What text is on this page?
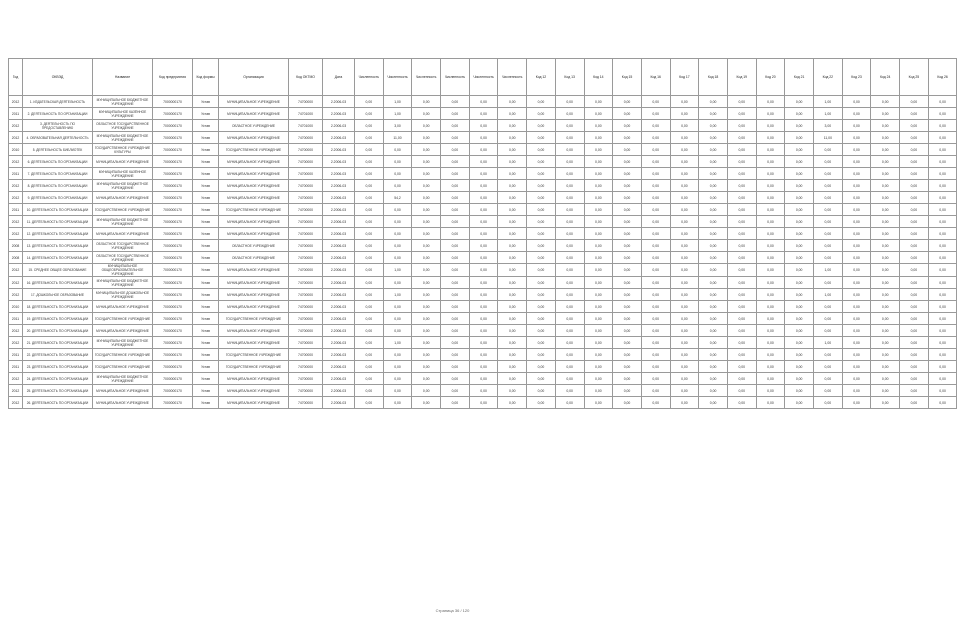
Год	ОКВЭД	Название	Код предприятия	Код формы	Организация	Код ОКТМО	Дата	Численность	Численность	Численность	Численность	Численность	Численность	Код 12	Код 13	Код 14	Код 15	Код 16	Код 17	Код 18	Код 19	Код 20	Код 21	Код 22	Код 23	Код 24	Код 25	Код 26
2012	1. ИЗДАТЕЛЬСКАЯ ДЕЯТЕЛЬНОСТЬ	МУНИЦИПАЛЬНОЕ БЮДЖЕТНОЕ УЧРЕЖДЕНИЕ	7000000170	Устав	МУНИЦИПАЛЬНОЕ УЧРЕЖДЕНИЕ	74700000	2.2006-03	0,00	1,00	0,00	0,00	0,00	0,00	0,00	0,00	0,00	0,00	0,00	0,00	0,00	0,00	0,00	0,00	1,00	0,00	0,00	0,00	0,00
2011	2. ДЕЯТЕЛЬНОСТЬ ПО ОРГАНИЗАЦИИ	МУНИЦИПАЛЬНОЕ КАЗЁННОЕ УЧРЕЖДЕНИЕ	7000000170	Устав	МУНИЦИПАЛЬНОЕ УЧРЕЖДЕНИЕ	74701000	2.2006-03	0,00	1,00	0,00	0,00	0,00	0,00	0,00	0,00	0,00	0,00	0,00	0,00	0,00	0,00	0,00	0,00	1,00	0,00	0,00	0,00	0,00
2012	3. ДЕЯТЕЛЬНОСТЬ ПО ПРЕДОСТАВЛЕНИЮ	ОБЛАСТНОЕ ГОСУДАРСТВЕННОЕ УЧРЕЖДЕНИЕ	7000000170	Устав	ОБЛАСТНОЕ УЧРЕЖДЕНИЕ	74701000	2.2006-03	0,00	3,00	0,00	0,00	0,00	0,00	0,00	0,00	0,00	0,00	0,00	0,00	0,00	0,00	0,00	0,00	3,00	0,00	0,00	0,00	0,00
2012	4. ОБРАЗОВАТЕЛЬНАЯ ДЕЯТЕЛЬНОСТЬ	МУНИЦИПАЛЬНОЕ БЮДЖЕТНОЕ УЧРЕЖДЕНИЕ	7000000170	Устав	МУНИЦИПАЛЬНОЕ УЧРЕЖДЕНИЕ	74700000	2.2006-03	0,00	11,00	0,00	0,00	0,00	0,00	0,00	0,00	0,00	0,00	0,00	0,00	0,00	0,00	0,00	0,00	11,00	0,00	0,00	0,00	0,00
2010	5. ДЕЯТЕЛЬНОСТЬ БИБЛИОТЕК	ГОСУДАРСТВЕННОЕ УЧРЕЖДЕНИЕ КУЛЬТУРЫ	7000000170	Устав	ГОСУДАРСТВЕННОЕ УЧРЕЖДЕНИЕ	74700000	2.2006-03	0,00	0,00	0,00	0,00	0,00	0,00	0,00	0,00	0,00	0,00	0,00	0,00	0,00	0,00	0,00	0,00	0,00	0,00	0,00	0,00	0,00
2012	6. ДЕЯТЕЛЬНОСТЬ ПО ОРГАНИЗАЦИИ	МУНИЦИПАЛЬНОЕ УЧРЕЖДЕНИЕ	7000000170	Устав	МУНИЦИПАЛЬНОЕ УЧРЕЖДЕНИЕ	74700000	2.2006-03	0,00	0,00	0,00	0,00	0,00	0,00	0,00	0,00	0,00	0,00	0,00	0,00	0,00	0,00	0,00	0,00	0,00	0,00	0,00	0,00	0,00
2011	7. ДЕЯТЕЛЬНОСТЬ ПО ОРГАНИЗАЦИИ	МУНИЦИПАЛЬНОЕ КАЗЁННОЕ УЧРЕЖДЕНИЕ	7000000170	Устав	МУНИЦИПАЛЬНОЕ УЧРЕЖДЕНИЕ	74700000	2.2006-03	0,00	0,00	0,00	0,00	0,00	0,00	0,00	0,00	0,00	0,00	0,00	0,00	0,00	0,00	0,00	0,00	0,00	0,00	0,00	0,00	0,00
2012	8. ДЕЯТЕЛЬНОСТЬ ПО ОРГАНИЗАЦИИ	МУНИЦИПАЛЬНОЕ БЮДЖЕТНОЕ УЧРЕЖДЕНИЕ	7000000170	Устав	МУНИЦИПАЛЬНОЕ УЧРЕЖДЕНИЕ	74700000	2.2006-03	0,00	0,00	0,00	0,00	0,00	0,00	0,00	0,00	0,00	0,00	0,00	0,00	0,00	0,00	0,00	0,00	0,00	0,00	0,00	0,00	0,00
2012	9. ДЕЯТЕЛЬНОСТЬ ПО ОРГАНИЗАЦИИ	МУНИЦИПАЛЬНОЕ УЧРЕЖДЕНИЕ	7000000170	Устав	МУНИЦИПАЛЬНОЕ УЧРЕЖДЕНИЕ	74700000	2.2006-03	0,00	54,2	0,00	0,00	0,00	0,00	0,00	0,00	0,00	0,00	0,00	0,00	0,00	0,00	0,00	0,00	0,00	0,00	0,00	0,00	0,00
2011	10. ДЕЯТЕЛЬНОСТЬ ПО ОРГАНИЗАЦИИ	ГОСУДАРСТВЕННОЕ УЧРЕЖДЕНИЕ	7000000170	Устав	ГОСУДАРСТВЕННОЕ УЧРЕЖДЕНИЕ	74700000	2.2006-03	0,00	0,00	0,00	0,00	0,00	0,00	0,00	0,00	0,00	0,00	0,00	0,00	0,00	0,00	0,00	0,00	0,00	0,00	0,00	0,00	0,00
2012	11. ДЕЯТЕЛЬНОСТЬ ПО ОРГАНИЗАЦИИ	МУНИЦИПАЛЬНОЕ БЮДЖЕТНОЕ УЧРЕЖДЕНИЕ	7000000170	Устав	МУНИЦИПАЛЬНОЕ УЧРЕЖДЕНИЕ	74700000	2.2006-03	0,00	0,00	0,00	0,00	0,00	0,00	0,00	0,00	0,00	0,00	0,00	0,00	0,00	0,00	0,00	0,00	0,00	0,00	0,00	0,00	0,00
2012	12. ДЕЯТЕЛЬНОСТЬ ПО ОРГАНИЗАЦИИ	МУНИЦИПАЛЬНОЕ УЧРЕЖДЕНИЕ	7000000170	Устав	МУНИЦИПАЛЬНОЕ УЧРЕЖДЕНИЕ	74700000	2.2006-03	0,00	0,00	0,00	0,00	0,00	0,00	0,00	0,00	0,00	0,00	0,00	0,00	0,00	0,00	0,00	0,00	0,00	0,00	0,00	0,00	0,00
2008	13. ДЕЯТЕЛЬНОСТЬ ПО ОРГАНИЗАЦИИ	ОБЛАСТНОЕ ГОСУДАРСТВЕННОЕ УЧРЕЖДЕНИЕ	7000000170	Устав	ОБЛАСТНОЕ УЧРЕЖДЕНИЕ	74700000	2.2006-03	0,00	0,00	0,00	0,00	0,00	0,00	0,00	0,00	0,00	0,00	0,00	0,00	0,00	0,00	0,00	0,00	0,00	0,00	0,00	0,00	0,00
2008	14. ДЕЯТЕЛЬНОСТЬ ПО ОРГАНИЗАЦИИ	ОБЛАСТНОЕ ГОСУДАРСТВЕННОЕ УЧРЕЖДЕНИЕ	7000000170	Устав	ОБЛАСТНОЕ УЧРЕЖДЕНИЕ	74700000	2.2006-03	0,00	0,00	0,00	0,00	0,00	0,00	0,00	0,00	0,00	0,00	0,00	0,00	0,00	0,00	0,00	0,00	0,00	0,00	0,00	0,00	0,00
2012	15. СРЕДНЕЕ ОБЩЕЕ ОБРАЗОВАНИЕ	МУНИЦИПАЛЬНОЕ ОБЩЕОБРАЗОВАТЕЛЬНОЕ УЧРЕЖДЕНИЕ	7000000170	Устав	МУНИЦИПАЛЬНОЕ УЧРЕЖДЕНИЕ	74700000	2.2006-03	0,00	1,00	0,00	0,00	0,00	0,00	0,00	0,00	0,00	0,00	0,00	0,00	0,00	0,00	0,00	0,00	1,00	0,00	0,00	0,00	0,00
2012	16. ДЕЯТЕЛЬНОСТЬ ПО ОРГАНИЗАЦИИ	МУНИЦИПАЛЬНОЕ БЮДЖЕТНОЕ УЧРЕЖДЕНИЕ	7000000170	Устав	МУНИЦИПАЛЬНОЕ УЧРЕЖДЕНИЕ	74700000	2.2006-03	0,00	0,00	0,00	0,00	0,00	0,00	0,00	0,00	0,00	0,00	0,00	0,00	0,00	0,00	0,00	0,00	0,00	0,00	0,00	0,00	0,00
2012	17. ДОШКОЛЬНОЕ ОБРАЗОВАНИЕ	МУНИЦИПАЛЬНОЕ ДОШКОЛЬНОЕ УЧРЕЖДЕНИЕ	7000000170	Устав	МУНИЦИПАЛЬНОЕ УЧРЕЖДЕНИЕ	74700000	2.2006-03	0,00	1,00	0,00	0,00	0,00	0,00	0,00	0,00	0,00	0,00	0,00	0,00	0,00	0,00	0,00	0,00	1,00	0,00	0,00	0,00	0,00
2010	18. ДЕЯТЕЛЬНОСТЬ ПО ОРГАНИЗАЦИИ	МУНИЦИПАЛЬНОЕ УЧРЕЖДЕНИЕ	7000000170	Устав	МУНИЦИПАЛЬНОЕ УЧРЕЖДЕНИЕ	74700000	2.2006-03	0,00	0,00	0,00	0,00	0,00	0,00	0,00	0,00	0,00	0,00	0,00	0,00	0,00	0,00	0,00	0,00	0,00	0,00	0,00	0,00	0,00
2011	19. ДЕЯТЕЛЬНОСТЬ ПО ОРГАНИЗАЦИИ	ГОСУДАРСТВЕННОЕ УЧРЕЖДЕНИЕ	7000000170	Устав	ГОСУДАРСТВЕННОЕ УЧРЕЖДЕНИЕ	74700000	2.2006-03	0,00	0,00	0,00	0,00	0,00	0,00	0,00	0,00	0,00	0,00	0,00	0,00	0,00	0,00	0,00	0,00	0,00	0,00	0,00	0,00	0,00
2012	20. ДЕЯТЕЛЬНОСТЬ ПО ОРГАНИЗАЦИИ	МУНИЦИПАЛЬНОЕ УЧРЕЖДЕНИЕ	7000000170	Устав	МУНИЦИПАЛЬНОЕ УЧРЕЖДЕНИЕ	74700000	2.2006-03	0,00	0,00	0,00	0,00	0,00	0,00	0,00	0,00	0,00	0,00	0,00	0,00	0,00	0,00	0,00	0,00	0,00	0,00	0,00	0,00	0,00
2012	21. ДЕЯТЕЛЬНОСТЬ ПО ОРГАНИЗАЦИИ	МУНИЦИПАЛЬНОЕ БЮДЖЕТНОЕ УЧРЕЖДЕНИЕ	7000000170	Устав	МУНИЦИПАЛЬНОЕ УЧРЕЖДЕНИЕ	74700000	2.2006-03	0,00	1,00	0,00	0,00	0,00	0,00	0,00	0,00	0,00	0,00	0,00	0,00	0,00	0,00	0,00	0,00	1,00	0,00	0,00	0,00	0,00
2011	22. ДЕЯТЕЛЬНОСТЬ ПО ОРГАНИЗАЦИИ	ГОСУДАРСТВЕННОЕ УЧРЕЖДЕНИЕ	7000000170	Устав	ГОСУДАРСТВЕННОЕ УЧРЕЖДЕНИЕ	74700000	2.2006-03	0,00	0,00	0,00	0,00	0,00	0,00	0,00	0,00	0,00	0,00	0,00	0,00	0,00	0,00	0,00	0,00	0,00	0,00	0,00	0,00	0,00
2011	23. ДЕЯТЕЛЬНОСТЬ ПО ОРГАНИЗАЦИИ	ГОСУДАРСТВЕННОЕ УЧРЕЖДЕНИЕ	7000000170	Устав	ГОСУДАРСТВЕННОЕ УЧРЕЖДЕНИЕ	74700000	2.2006-03	0,00	0,00	0,00	0,00	0,00	0,00	0,00	0,00	0,00	0,00	0,00	0,00	0,00	0,00	0,00	0,00	0,00	0,00	0,00	0,00	0,00
2012	24. ДЕЯТЕЛЬНОСТЬ ПО ОРГАНИЗАЦИИ	МУНИЦИПАЛЬНОЕ БЮДЖЕТНОЕ УЧРЕЖДЕНИЕ	7000000170	Устав	МУНИЦИПАЛЬНОЕ УЧРЕЖДЕНИЕ	74700000	2.2006-03	0,00	0,00	0,00	0,00	0,00	0,00	0,00	0,00	0,00	0,00	0,00	0,00	0,00	0,00	0,00	0,00	0,00	0,00	0,00	0,00	0,00
2012	25. ДЕЯТЕЛЬНОСТЬ ПО ОРГАНИЗАЦИИ	МУНИЦИПАЛЬНОЕ УЧРЕЖДЕНИЕ	7000000170	Устав	МУНИЦИПАЛЬНОЕ УЧРЕЖДЕНИЕ	74700000	2.2006-03	0,00	0,00	0,00	0,00	0,00	0,00	0,00	0,00	0,00	0,00	0,00	0,00	0,00	0,00	0,00	0,00	0,00	0,00	0,00	0,00	0,00
2012	26. ДЕЯТЕЛЬНОСТЬ ПО ОРГАНИЗАЦИИ	МУНИЦИПАЛЬНОЕ УЧРЕЖДЕНИЕ	7000000170	Устав	МУНИЦИПАЛЬНОЕ УЧРЕЖДЕНИЕ	74700000	2.2006-03	0,00	0,00	0,00	0,00	0,00	0,00	0,00	0,00	0,00	0,00	0,00	0,00	0,00	0,00	0,00	0,00	0,00	0,00	0,00	0,00	0,00
Страница 36 / 120
